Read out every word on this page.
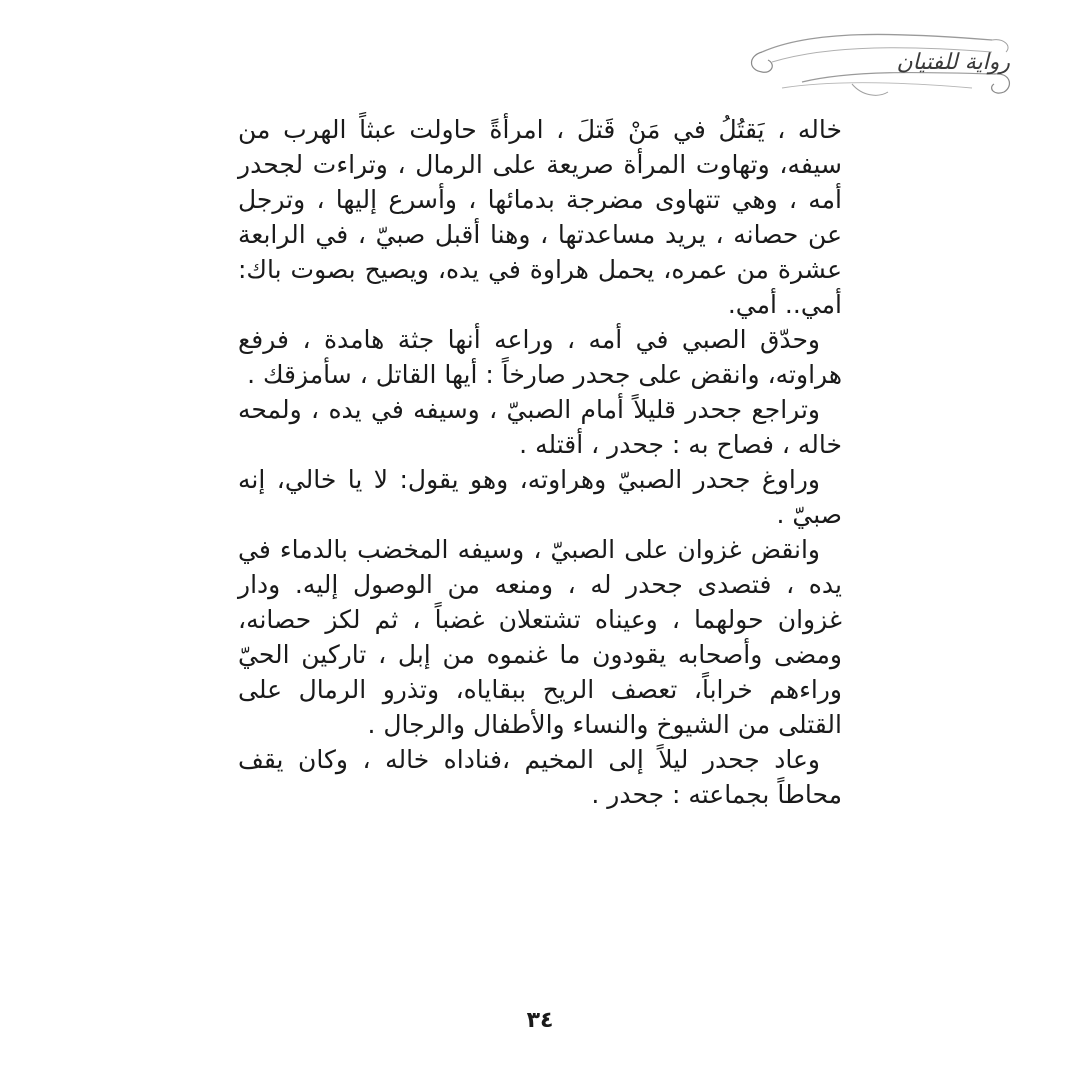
رواية للفتيان

خاله ، يَقتُلُ في مَنْ قَتلَ ، امرأةً حاولت عبثاً الهرب من سيفه، وتهاوت المرأة صريعة على الرمال ، وتراءت لجحدر أمه ، وهي تتهاوى مضرجة بدمائها ، وأسرع إليها ، وترجل عن حصانه ، يريد مساعدتها ، وهنا أقبل صبيّ ، في الرابعة عشرة من عمره، يحمل هراوة في يده، ويصيح بصوت باك: أمي.. أمي.

وحدّق الصبي في أمه ، وراعه أنها جثة هامدة ، فرفع هراوته، وانقض على جحدر صارخاً : أيها القاتل ، سأمزقك .

وتراجع جحدر قليلاً أمام الصبيّ ، وسيفه في يده ، ولمحه خاله ، فصاح به : جحدر ، أقتله .

وراوغ جحدر الصبيّ وهراوته، وهو يقول: لا يا خالي، إنه صبيّ .

وانقض غزوان على الصبيّ ، وسيفه المخضب بالدماء في يده ، فتصدى جحدر له ، ومنعه من الوصول إليه. ودار غزوان حولهما ، وعيناه تشتعلان غضباً ، ثم لكز حصانه، ومضى وأصحابه يقودون ما غنموه من إبل ، تاركين الحيّ وراءهم خراباً، تعصف الريح ببقاياه، وتذرو الرمال على القتلى من الشيوخ والنساء والأطفال والرجال .

وعاد جحدر ليلاً إلى المخيم ،فناداه خاله ، وكان يقف محاطاً بجماعته : جحدر .

٣٤
